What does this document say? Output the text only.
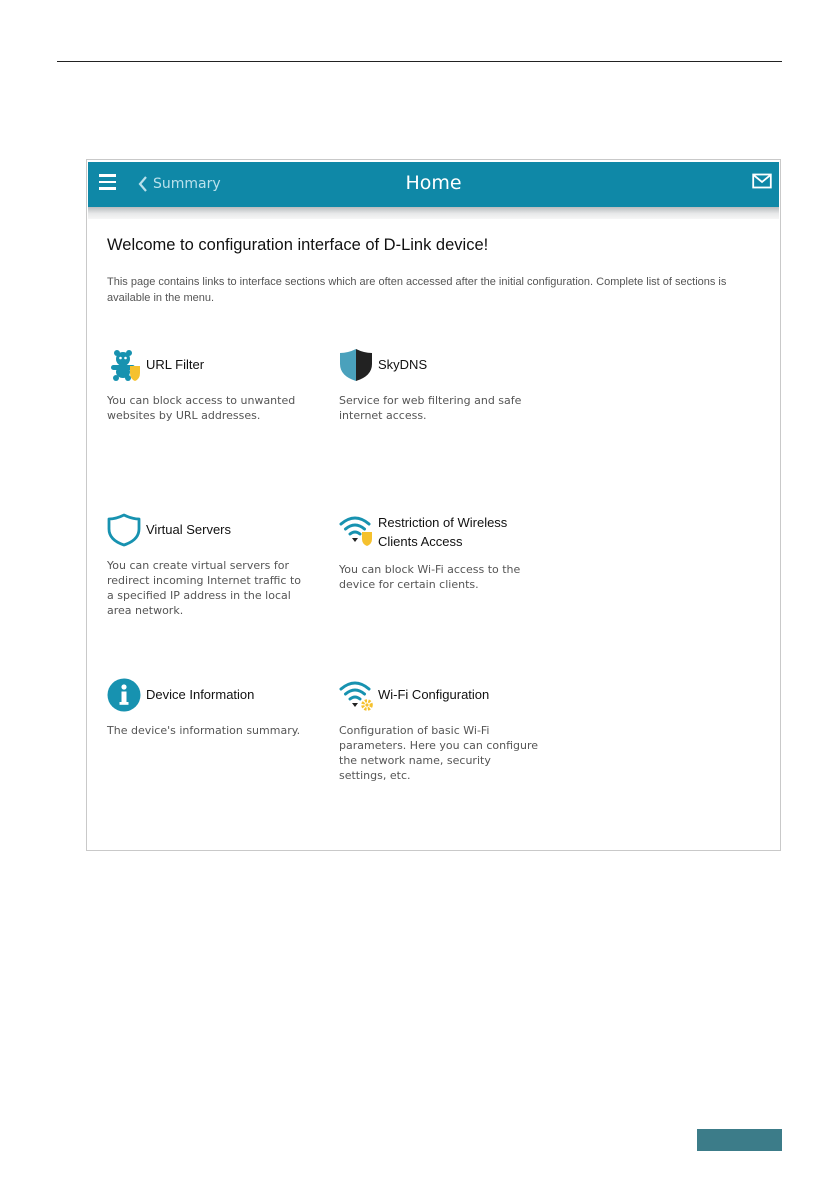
Summary	Home
Welcome to configuration interface of D-Link device!

This page contains links to interface sections which are often accessed after the initial configuration. Complete list of sections is available in the menu.

URL Filter
You can block access to unwanted websites by URL addresses.
SkyDNS
Service for web filtering and safe internet access.
Virtual Servers
You can create virtual servers for redirect incoming Internet traffic to a specified IP address in the local area network.
Restriction of Wireless Clients Access
You can block Wi-Fi access to the device for certain clients.
Device Information
The device's information summary.
Wi-Fi Configuration
Configuration of basic Wi-Fi parameters. Here you can configure the network name, security settings, etc.
